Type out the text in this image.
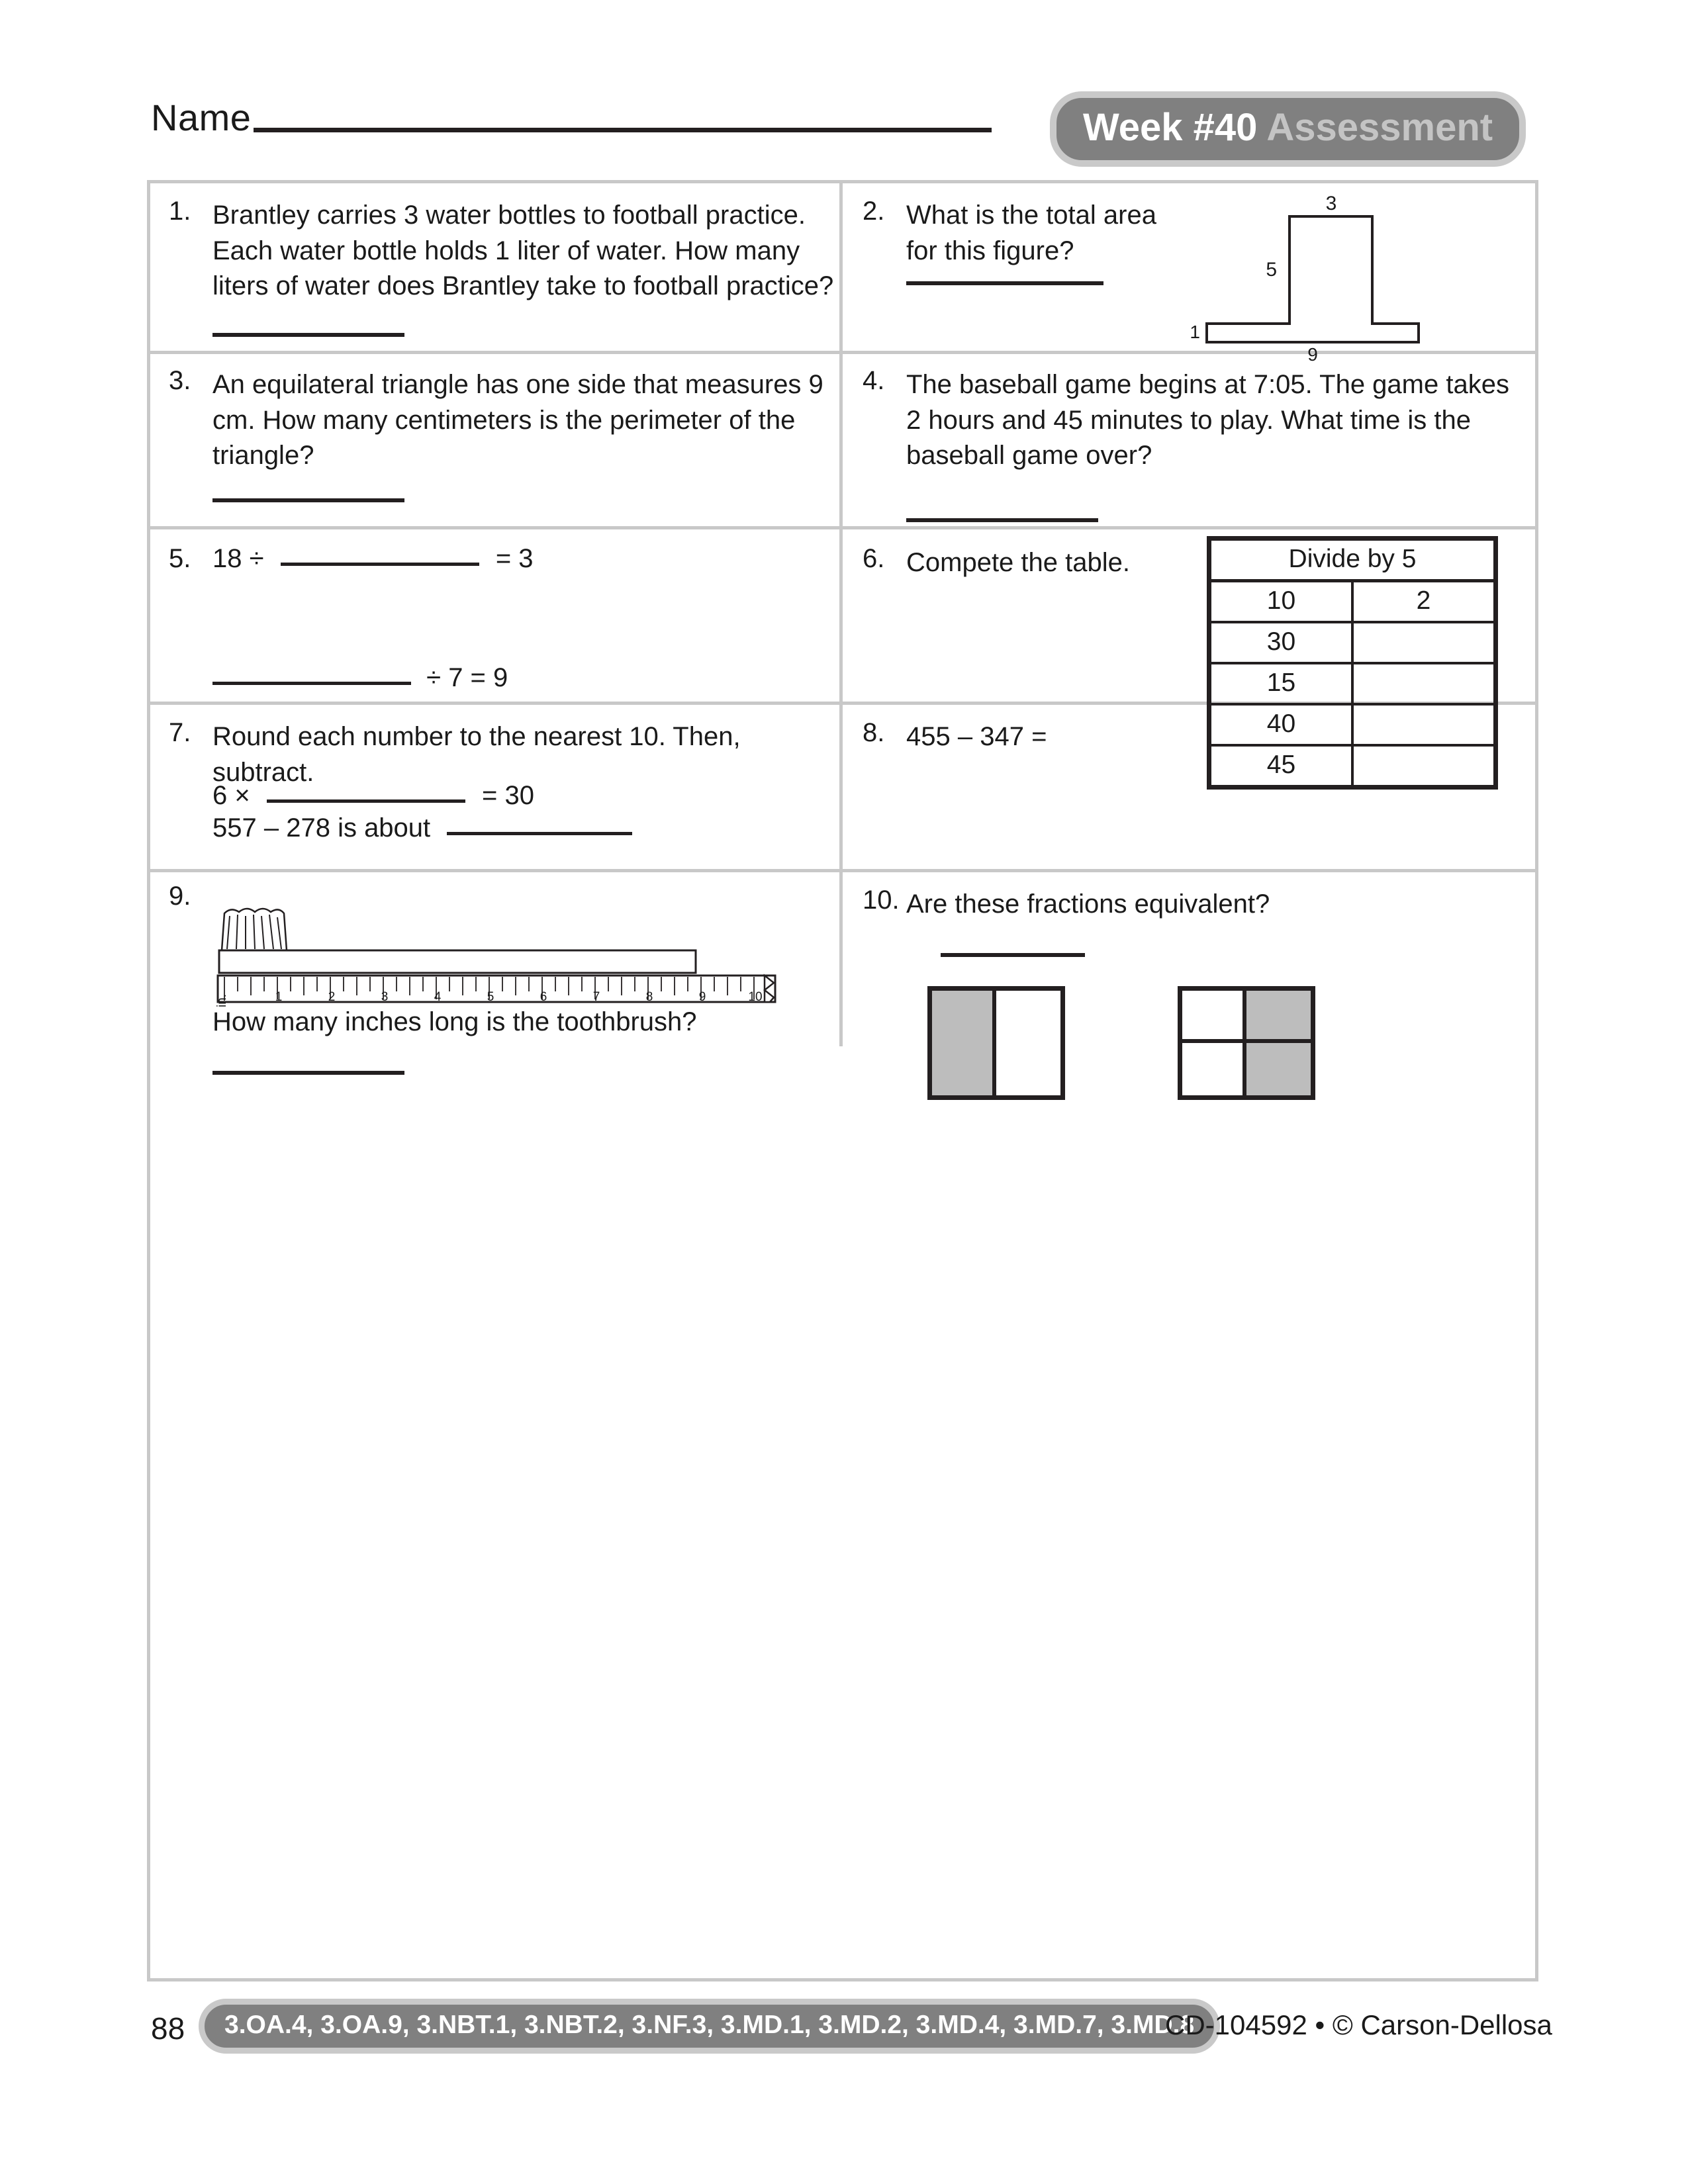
Name	Week #40 Assessment
1. Brantley carries 3 water bottles to football practice. Each water bottle holds 1 liter of water. How many liters of water does Brantley take to football practice?
2. What is the total area for this figure?
3
5
1
9
3. An equilateral triangle has one side that measures 9 cm. How many centimeters is the perimeter of the triangle?
4. The baseball game begins at 7:05. The game takes 2 hours and 45 minutes to play. What time is the baseball game over?
5. 18 ÷	= 3
÷ 7 = 9
6 ×	= 30
6. Compete the table.	Divide by 5	
10	2
30	
15	
40	
45	
7. Round each number to the nearest 10. Then, subtract.
557 – 278 is about
8. 455 – 347 =
9.
in.	1	2	3	4	5	6	7	8	9	10
How many inches long is the toothbrush?
10. Are these fractions equivalent?
88	3.OA.4, 3.OA.9, 3.NBT.1, 3.NBT.2, 3.NF.3, 3.MD.1, 3.MD.2, 3.MD.4, 3.MD.7, 3.MD.8
CD-104592 • © Carson-Dellosa
